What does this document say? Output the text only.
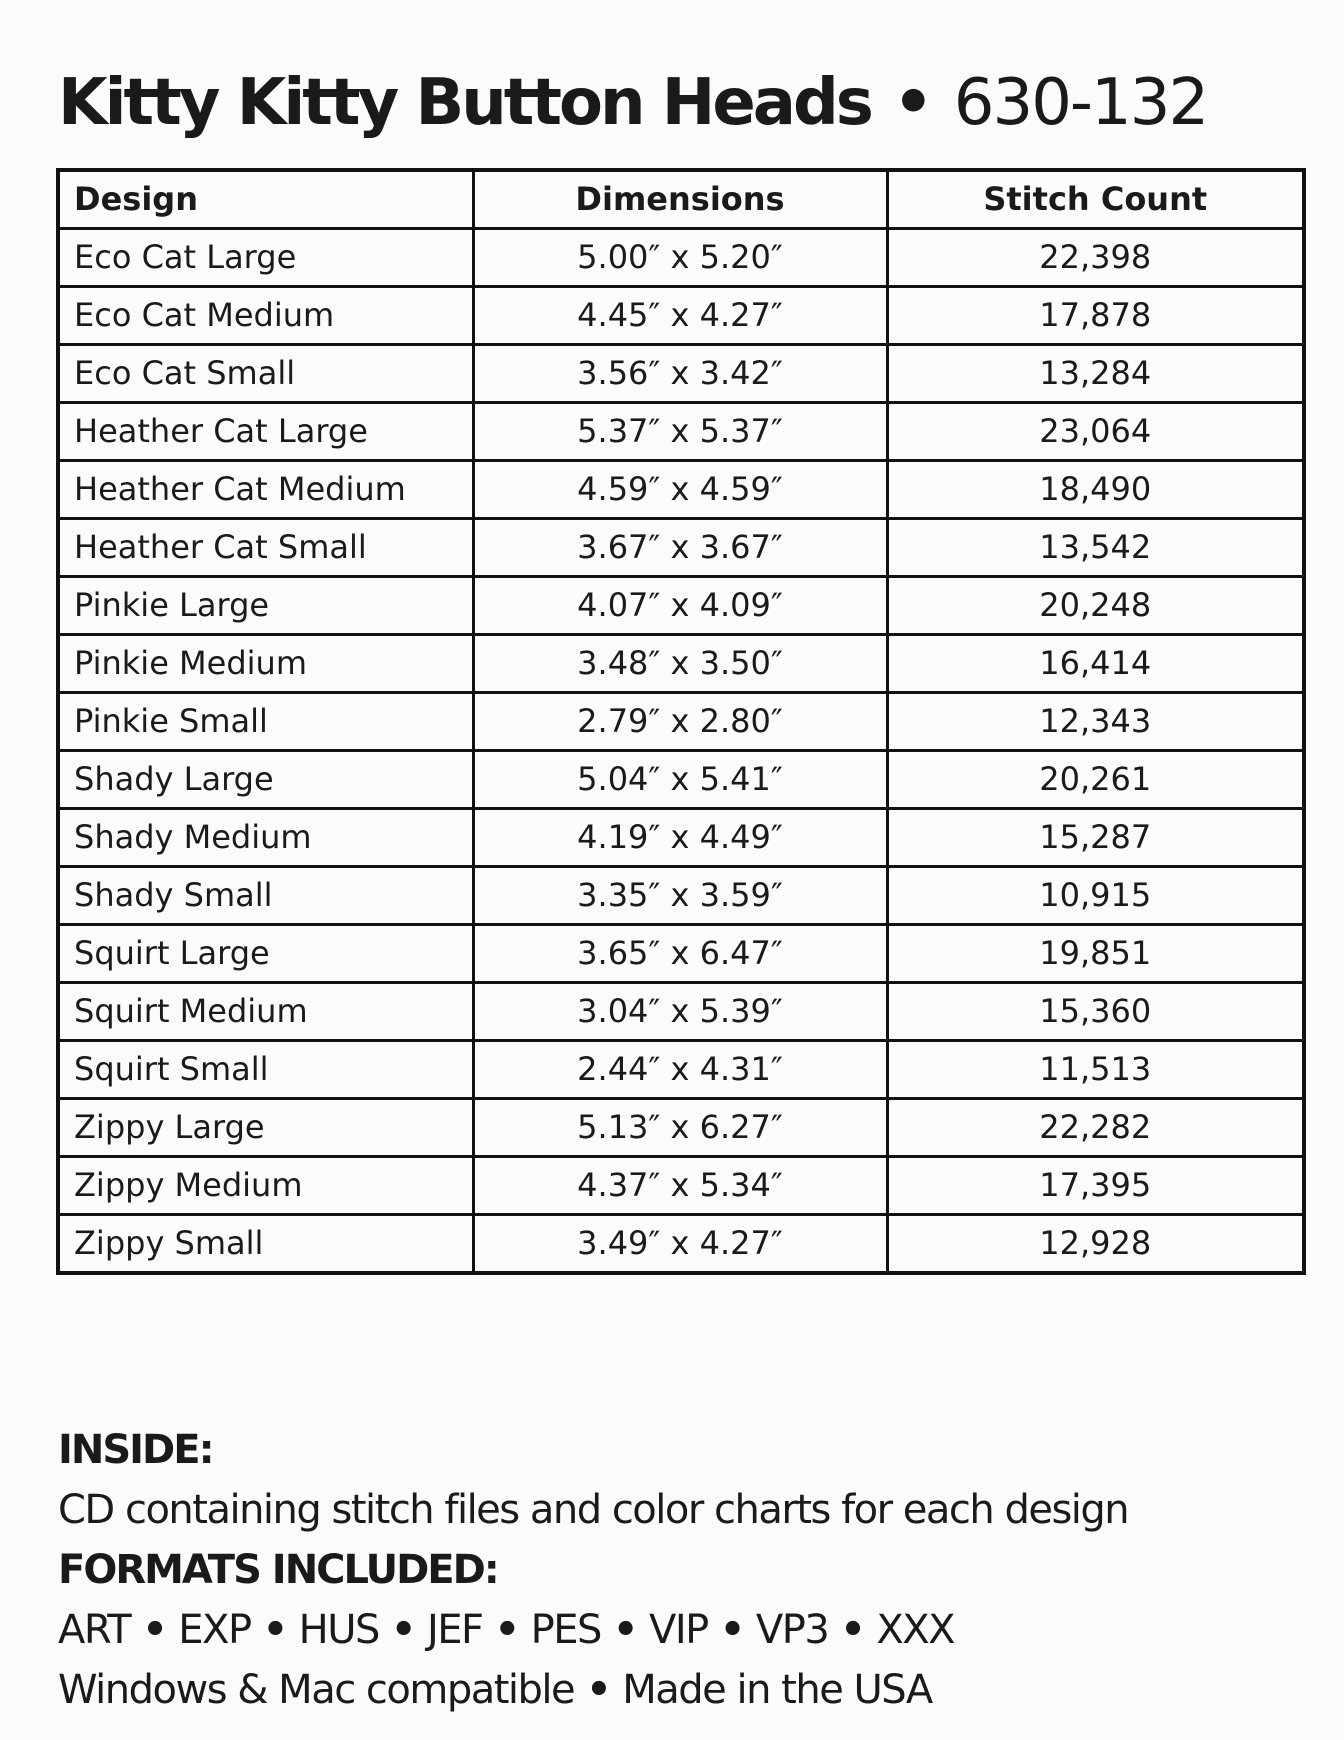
Kitty Kitty Button Heads • 630-132
Design	Dimensions	Stitch Count
Eco Cat Large	5.00″ x 5.20″	22,398
Eco Cat Medium	4.45″ x 4.27″	17,878
Eco Cat Small	3.56″ x 3.42″	13,284
Heather Cat Large	5.37″ x 5.37″	23,064
Heather Cat Medium	4.59″ x 4.59″	18,490
Heather Cat Small	3.67″ x 3.67″	13,542
Pinkie Large	4.07″ x 4.09″	20,248
Pinkie Medium	3.48″ x 3.50″	16,414
Pinkie Small	2.79″ x 2.80″	12,343
Shady Large	5.04″ x 5.41″	20,261
Shady Medium	4.19″ x 4.49″	15,287
Shady Small	3.35″ x 3.59″	10,915
Squirt Large	3.65″ x 6.47″	19,851
Squirt Medium	3.04″ x 5.39″	15,360
Squirt Small	2.44″ x 4.31″	11,513
Zippy Large	5.13″ x 6.27″	22,282
Zippy Medium	4.37″ x 5.34″	17,395
Zippy Small	3.49″ x 4.27″	12,928
INSIDE:
CD containing stitch files and color charts for each design
FORMATS INCLUDED:
ART • EXP • HUS • JEF • PES • VIP • VP3 • XXX
Windows & Mac compatible • Made in the USA
